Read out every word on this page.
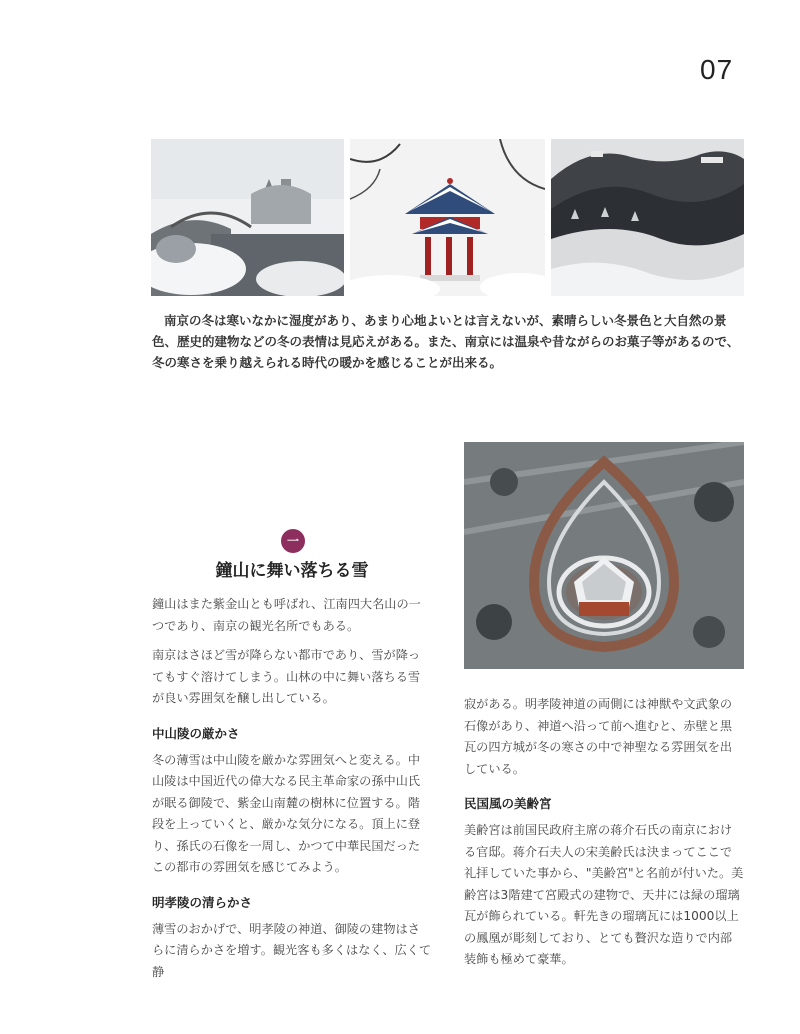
07

南京の冬は寒いなかに湿度があり、あまり心地よいとは言えないが、素晴らしい冬景色と大自然の景色、歴史的建物などの冬の表情は見応えがある。また、南京には温泉や昔ながらのお菓子等があるので、冬の寒さを乗り越えられる時代の暖かを感じることが出来る。

一
鐘山に舞い落ちる雪

鐘山はまた紫金山とも呼ばれ、江南四大名山の一つであり、南京の観光名所でもある。

南京はさほど雪が降らない都市であり、雪が降ってもすぐ溶けてしまう。山林の中に舞い落ちる雪が良い雰囲気を醸し出している。

中山陵の厳かさ

冬の薄雪は中山陵を厳かな雰囲気へと変える。中山陵は中国近代の偉大なる民主革命家の孫中山氏が眠る御陵で、紫金山南麓の樹林に位置する。階段を上っていくと、厳かな気分になる。頂上に登り、孫氏の石像を一周し、かつて中華民国だったこの都市の雰囲気を感じてみよう。

明孝陵の清らかさ

薄雪のおかげで、明孝陵の神道、御陵の建物はさらに清らかさを増す。観光客も多くはなく、広くて静

寂がある。明孝陵神道の両側には神獣や文武象の石像があり、神道へ沿って前へ進むと、赤壁と黒瓦の四方城が冬の寒さの中で神聖なる雰囲気を出している。

民国風の美齢宮

美齢宮は前国民政府主席の蒋介石氏の南京における官邸。蒋介石夫人の宋美齢氏は決まってここで礼拝していた事から、"美齢宮"と名前が付いた。美齢宮は3階建て宮殿式の建物で、天井には緑の瑠璃瓦が飾られている。軒先きの瑠璃瓦には1000以上の鳳凰が彫刻しており、とても贅沢な造りで内部装飾も極めて豪華。
